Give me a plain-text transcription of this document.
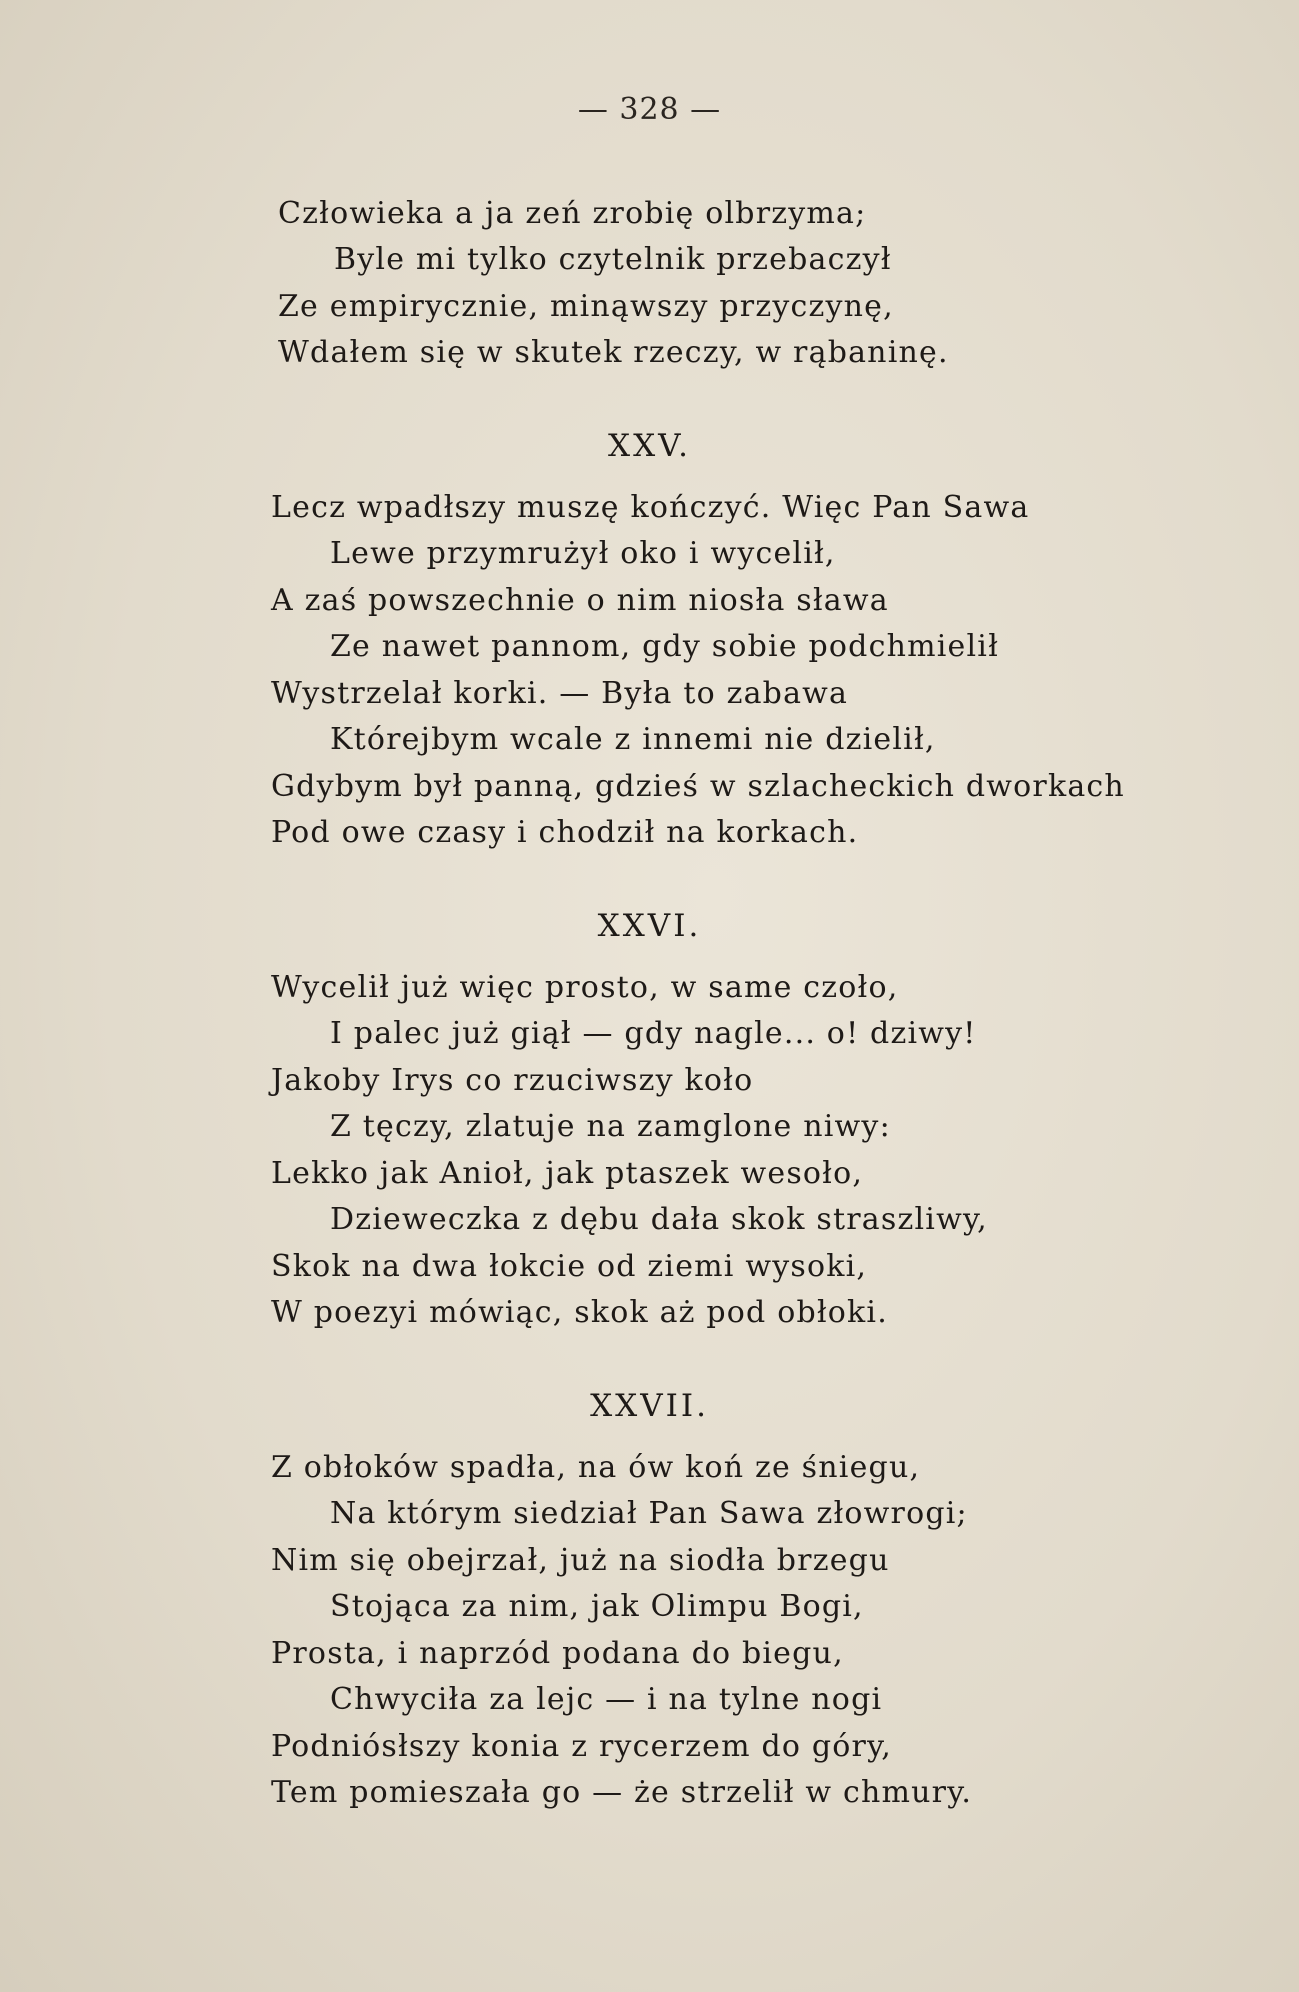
— 328 —
Człowieka a ja zeń zrobię olbrzyma;
Byle mi tylko czytelnik przebaczył
Ze empirycznie, minąwszy przyczynę,
Wdałem się w skutek rzeczy, w rąbaninę.
XXV.
Lecz wpadłszy muszę kończyć. Więc Pan Sawa
Lewe przymrużył oko i wycelił,
A zaś powszechnie o nim niosła sława
Ze nawet pannom, gdy sobie podchmielił
Wystrzelał korki. — Była to zabawa
Którejbym wcale z innemi nie dzielił,
Gdybym był panną, gdzieś w szlacheckich dworkach
Pod owe czasy i chodził na korkach.
XXVI.
Wycelił już więc prosto, w same czoło,
I palec już giął — gdy nagle... o! dziwy!
Jakoby Irys co rzuciwszy koło
Z tęczy, zlatuje na zamglone niwy:
Lekko jak Anioł, jak ptaszek wesoło,
Dzieweczka z dębu dała skok straszliwy,
Skok na dwa łokcie od ziemi wysoki,
W poezyi mówiąc, skok aż pod obłoki.
XXVII.
Z obłoków spadła, na ów koń ze śniegu,
Na którym siedział Pan Sawa złowrogi;
Nim się obejrzał, już na siodła brzegu
Stojąca za nim, jak Olimpu Bogi,
Prosta, i naprzód podana do biegu,
Chwyciła za lejc — i na tylne nogi
Podniósłszy konia z rycerzem do góry,
Tem pomieszała go — że strzelił w chmury.
